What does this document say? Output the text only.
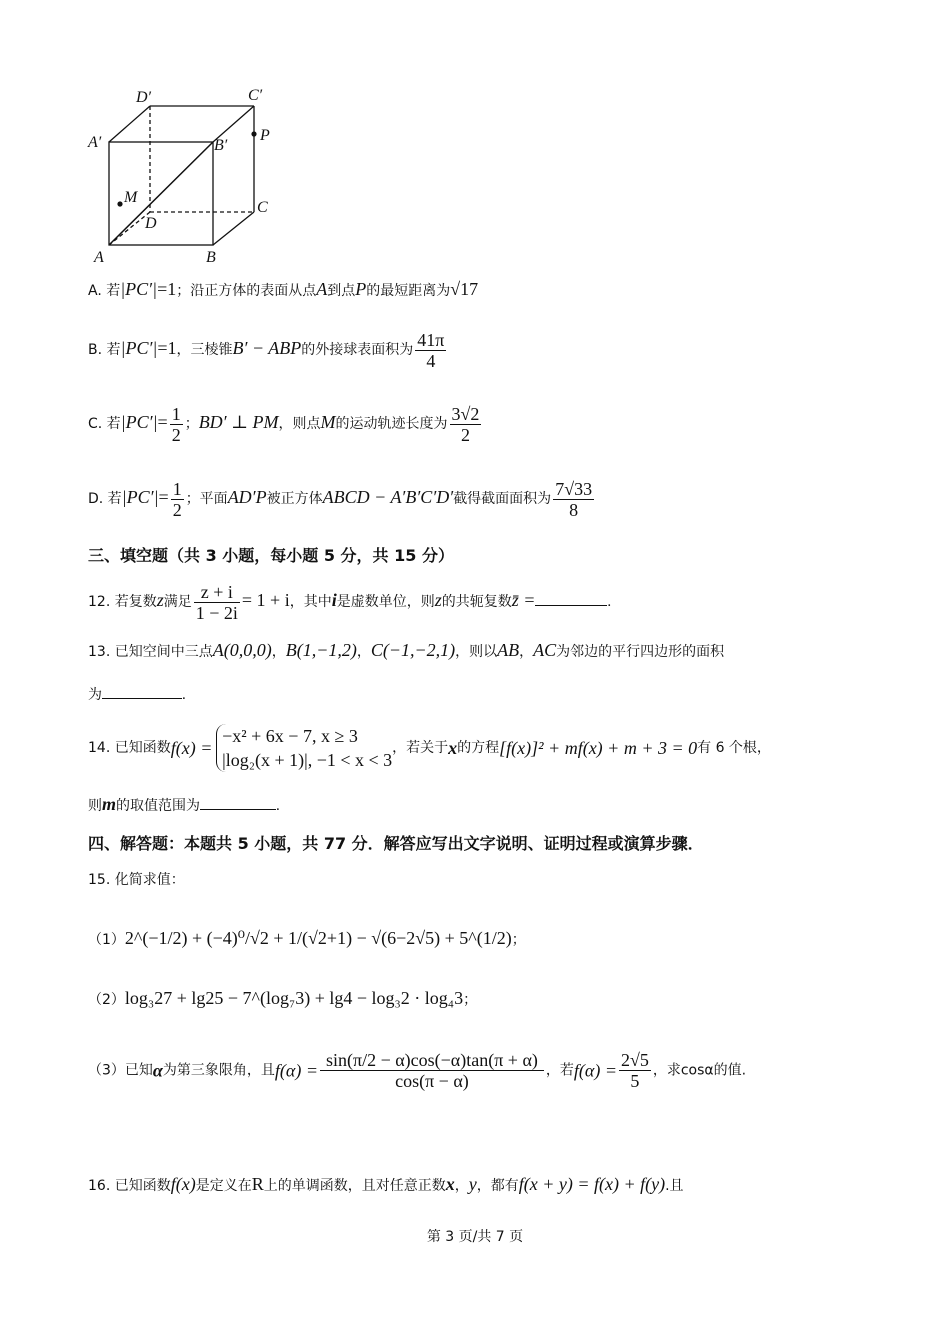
D′	C′
A′	B′
P
M
D
C
A	B
A. 若|PC′|=1；沿正方体的表面从点A到点P的最短距离为√17
B. 若|PC′|=1，三棱锥B′ − ABP的外接球表面积为 $\frac{41\pi}{4}$
C. 若$|PC'|= \frac{1}{2}$ ；BD′ ⊥ PM，则点M的运动轨迹长度为 $\frac{3√2}{2}$
D. 若$|PC'|= \frac{1}{2}$ ；平面AD′P被正方体ABCD − A′B′C′D′截得截面面积为 $\frac{7√33}{8}$
三、填空题（共 3 小题，每小题 5 分，共 15 分）
12. 若复数z满足 $\frac{z + i}{1 - 2i} = 1 + i$，其中i是虚数单位，则z的共轭复数z̄ =	.
13. 已知空间中三点A(0,0,0)，B(1,−1,2)，C(−1,−2,1)，则以AB，AC为邻边的平行四边形的面积
为	.
14. 已知函数f(x) =
−x² + 6x − 7, x ≥ 3
|log₂(x + 1)|, −1 < x < 3
，若关于x的方程[f(x)]² + mf(x) + m + 3 = 0有 6 个根，
则m的取值范围为	.
四、解答题：本题共 5 小题，共 77 分．解答应写出文字说明、证明过程或演算步骤．
15. 化简求值：
（1）2^(−1/2) + (−4)⁰/√2 + 1/(√2+1) − √(6−2√5) + 5^(1/2)；
（2）log₃27 + lg25 − 7^(log₇3) + lg4 − log₃2 · log₄3；
（3）已知α为第三象限角，且$f(\alpha) = \frac{\sin(\pi/2 - \alpha)\cos(-\alpha)\tan(\pi + \alpha)}{\cos(\pi - \alpha)}$ ，若$f(\alpha) = \frac{2√5}{5}$ ，求cosα的值.
16. 已知函数f(x)是定义在R上的单调函数，且对任意正数x，y，都有f(x + y) = f(x) + f(y).且
第 3 页/共 7 页
